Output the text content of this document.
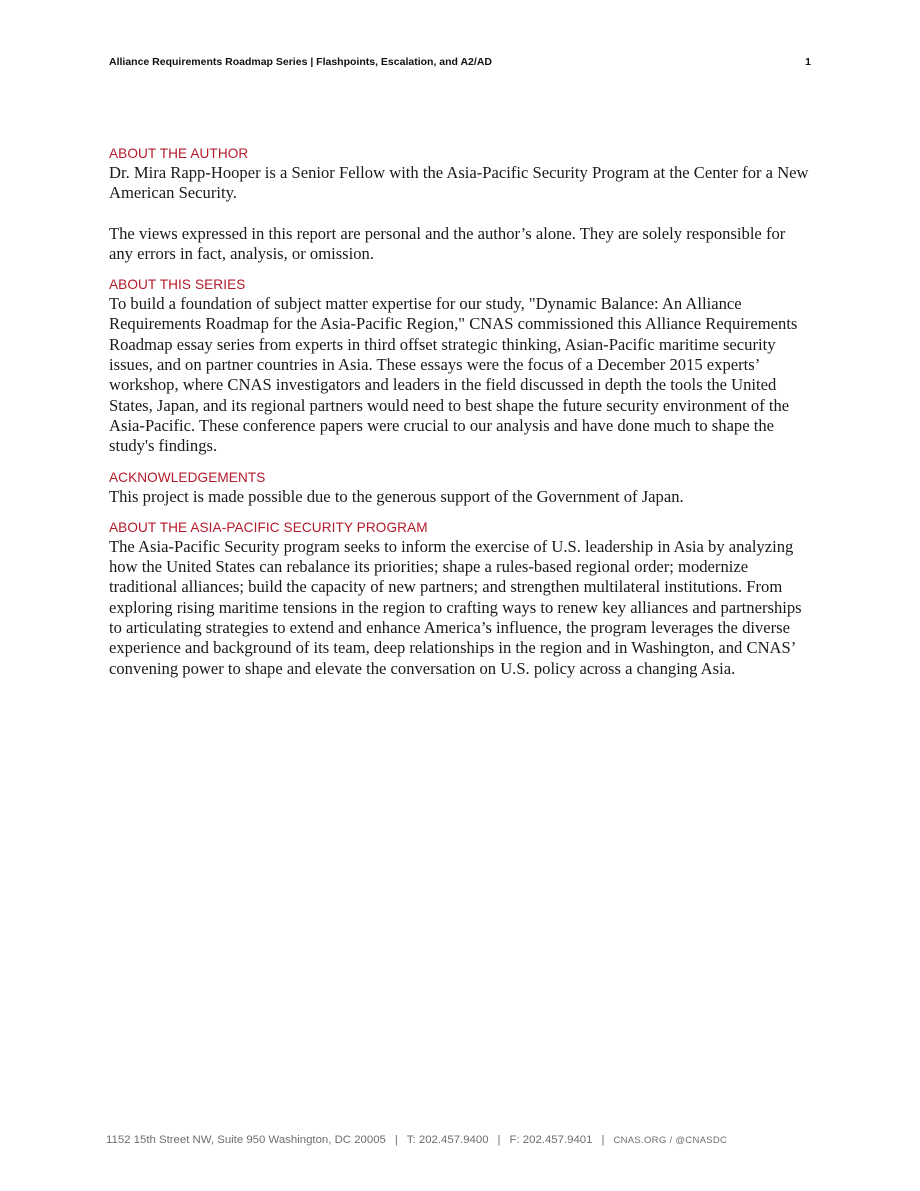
Alliance Requirements Roadmap Series | Flashpoints, Escalation, and A2/AD	1
ABOUT THE AUTHOR

Dr. Mira Rapp-Hooper is a Senior Fellow with the Asia-Pacific Security Program at the Center for a New American Security.

The views expressed in this report are personal and the author’s alone. They are solely responsible for any errors in fact, analysis, or omission.

ABOUT THIS SERIES

To build a foundation of subject matter expertise for our study, "Dynamic Balance: An Alliance Requirements Roadmap for the Asia-Pacific Region," CNAS commissioned this Alliance Requirements Roadmap essay series from experts in third offset strategic thinking, Asian-Pacific maritime security issues, and on partner countries in Asia. These essays were the focus of a December 2015 experts’ workshop, where CNAS investigators and leaders in the field discussed in depth the tools the United States, Japan, and its regional partners would need to best shape the future security environment of the Asia-Pacific. These conference papers were crucial to our analysis and have done much to shape the study's findings.

ACKNOWLEDGEMENTS

This project is made possible due to the generous support of the Government of Japan.

ABOUT THE ASIA-PACIFIC SECURITY PROGRAM

The Asia-Pacific Security program seeks to inform the exercise of U.S. leadership in Asia by analyzing how the United States can rebalance its priorities; shape a rules-based regional order; modernize traditional alliances; build the capacity of new partners; and strengthen multilateral institutions. From exploring rising maritime tensions in the region to crafting ways to renew key alliances and partnerships to articulating strategies to extend and enhance America’s influence, the program leverages the diverse experience and background of its team, deep relationships in the region and in Washington, and CNAS’ convening power to shape and elevate the conversation on U.S. policy across a changing Asia.

1152 15th Street NW, Suite 950 Washington, DC 20005 | T: 202.457.9400 | F: 202.457.9401 | CNAS.ORG / @CNASDC
